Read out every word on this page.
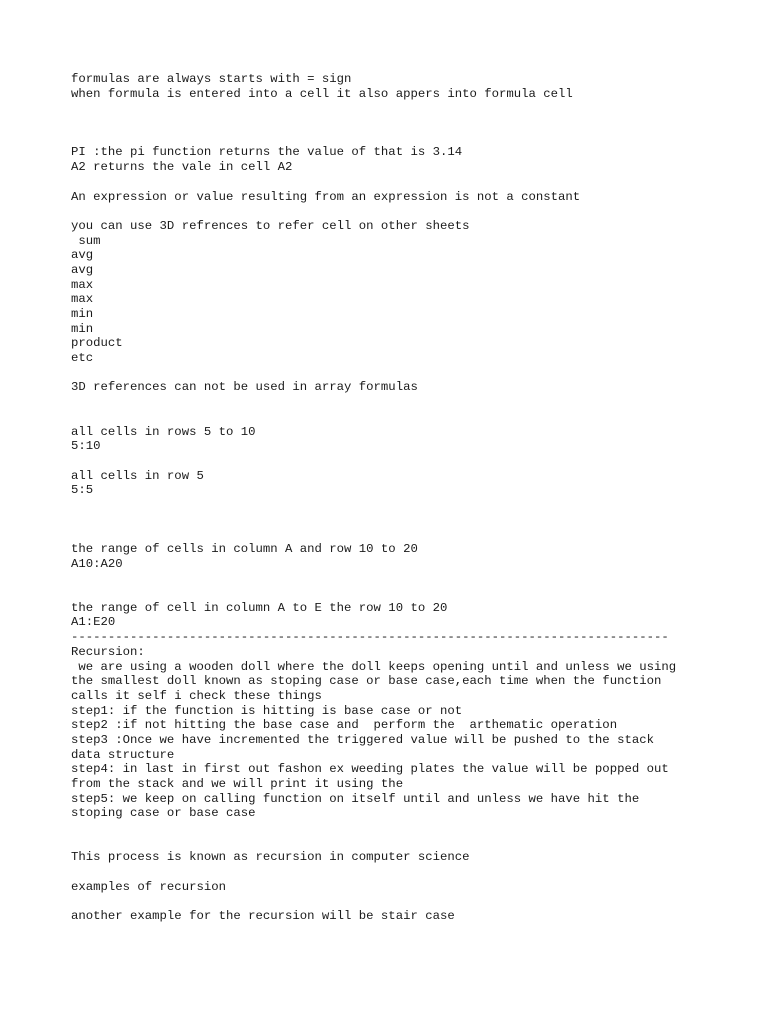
formulas are always starts with = sign
when formula is entered into a cell it also appers into formula cell
PI :the pi function returns the value of that is 3.14
A2 returns the vale in cell A2
An expression or value resulting from an expression is not a constant
you can use 3D refrences to refer cell on other sheets
sum
avg
avg
max
max
min
min
product
etc
3D references can not be used in array formulas
all cells in rows 5 to 10
5:10
all cells in row 5
5:5
the range of cells in column A and row 10 to 20
A10:A20
the range of cell in column A to E the row 10 to 20
A1:E20
---------------------------------------------------------------------------------
Recursion:
we are using a wooden doll where the doll keeps opening until and unless we using
the smallest doll known as stoping case or base case,each time when the function
calls it self i check these things
step1: if the function is hitting is base case or not
step2 :if not hitting the base case and  perform the  arthematic operation
step3 :Once we have incremented the triggered value will be pushed to the stack
data structure
step4: in last in first out fashon ex weeding plates the value will be popped out
from the stack and we will print it using the
step5: we keep on calling function on itself until and unless we have hit the
stoping case or base case
This process is known as recursion in computer science
examples of recursion
another example for the recursion will be stair case
